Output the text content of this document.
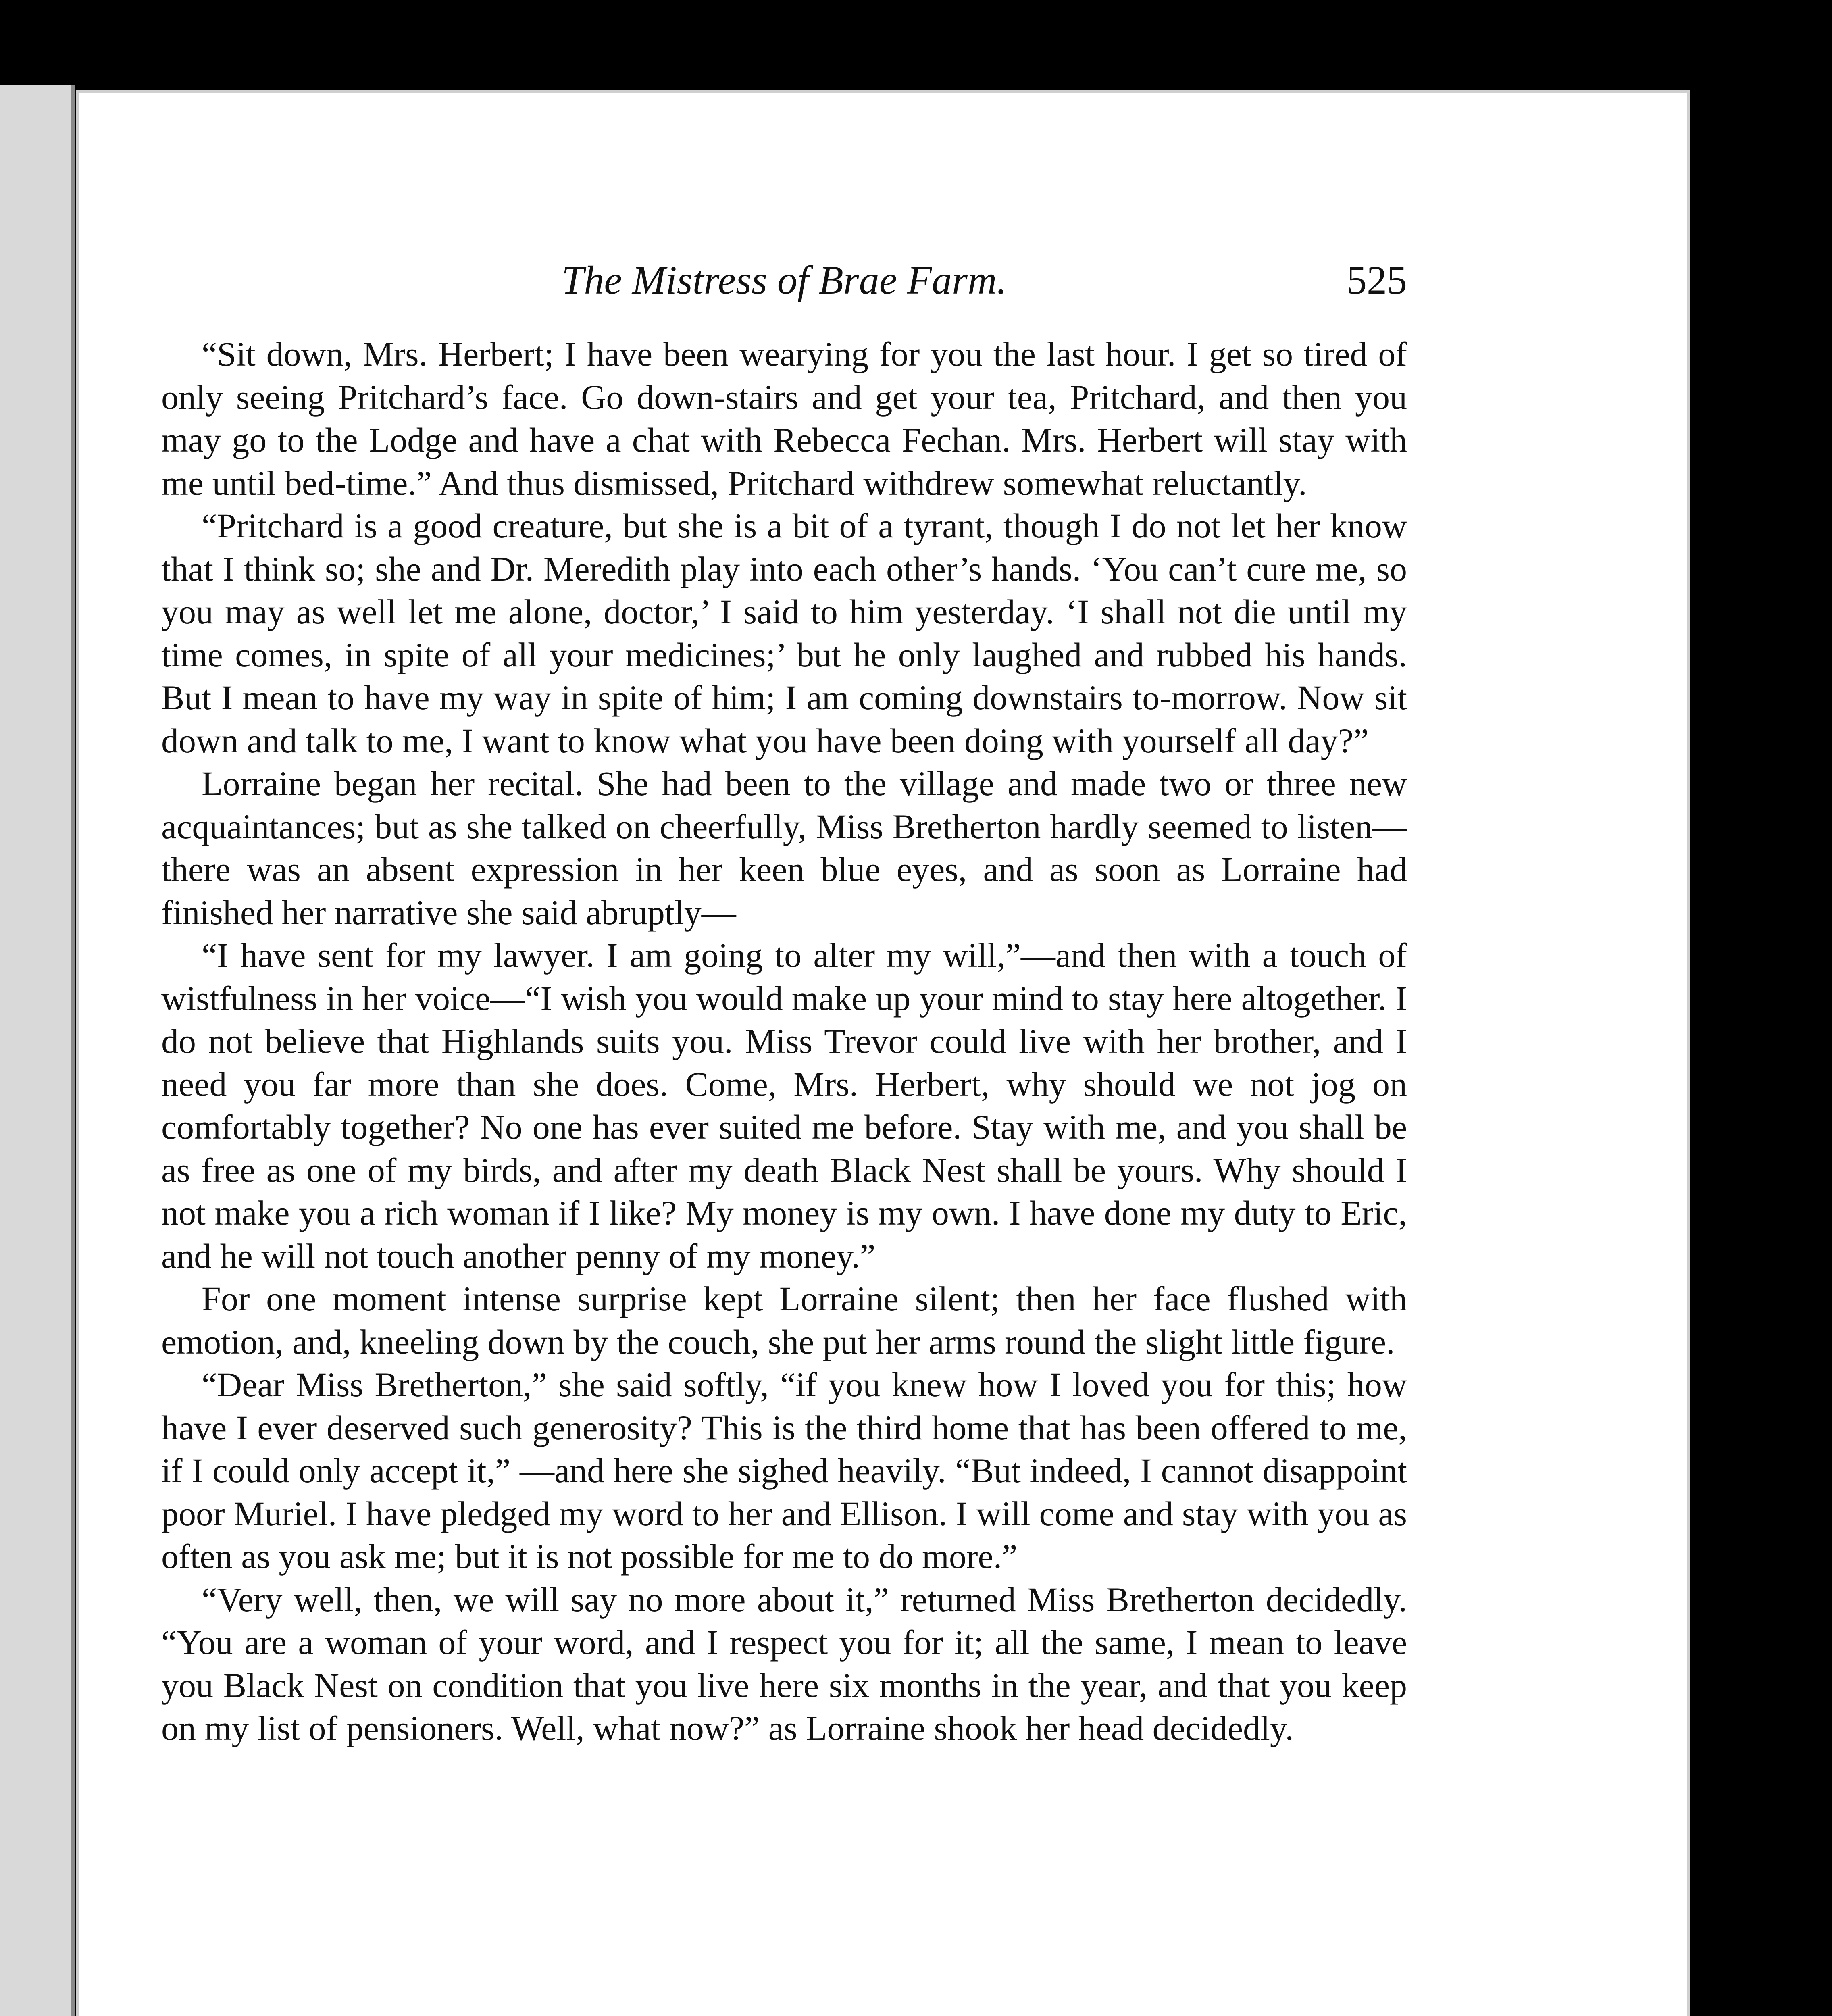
The Mistress of Brae Farm.	525

“Sit down, Mrs. Herbert; I have been wearying for you the last hour. I get so tired of only seeing Pritchard’s face. Go down-stairs and get your tea, Pritchard, and then you may go to the Lodge and have a chat with Rebecca Fechan. Mrs. Herbert will stay with me until bed-time.” And thus dismissed, Pritchard withdrew somewhat reluctantly.

“Pritchard is a good creature, but she is a bit of a tyrant, though I do not let her know that I think so; she and Dr. Meredith play into each other’s hands. ‘You can’t cure me, so you may as well let me alone, doctor,’ I said to him yesterday. ‘I shall not die until my time comes, in spite of all your medicines;’ but he only laughed and rubbed his hands. But I mean to have my way in spite of him; I am coming downstairs to-morrow. Now sit down and talk to me, I want to know what you have been doing with yourself all day?”

Lorraine began her recital. She had been to the village and made two or three new acquaintances; but as she talked on cheerfully, Miss Bretherton hardly seemed to listen—there was an absent expression in her keen blue eyes, and as soon as Lorraine had finished her narrative she said abruptly—

“I have sent for my lawyer. I am going to alter my will,”—and then with a touch of wistfulness in her voice—“I wish you would make up your mind to stay here altogether. I do not believe that Highlands suits you. Miss Trevor could live with her brother, and I need you far more than she does. Come, Mrs. Herbert, why should we not jog on comfortably together? No one has ever suited me before. Stay with me, and you shall be as free as one of my birds, and after my death Black Nest shall be yours. Why should I not make you a rich woman if I like? My money is my own. I have done my duty to Eric, and he will not touch another penny of my money.”

For one moment intense surprise kept Lorraine silent; then her face flushed with emotion, and, kneeling down by the couch, she put her arms round the slight little figure.

“Dear Miss Bretherton,” she said softly, “if you knew how I loved you for this; how have I ever deserved such generosity? This is the third home that has been offered to me, if I could only accept it,” —and here she sighed heavily. “But indeed, I cannot disappoint poor Muriel. I have pledged my word to her and Ellison. I will come and stay with you as often as you ask me; but it is not possible for me to do more.”

“Very well, then, we will say no more about it,” returned Miss Bretherton decidedly. “You are a woman of your word, and I respect you for it; all the same, I mean to leave you Black Nest on condition that you live here six months in the year, and that you keep on my list of pensioners. Well, what now?” as Lorraine shook her head decidedly.
